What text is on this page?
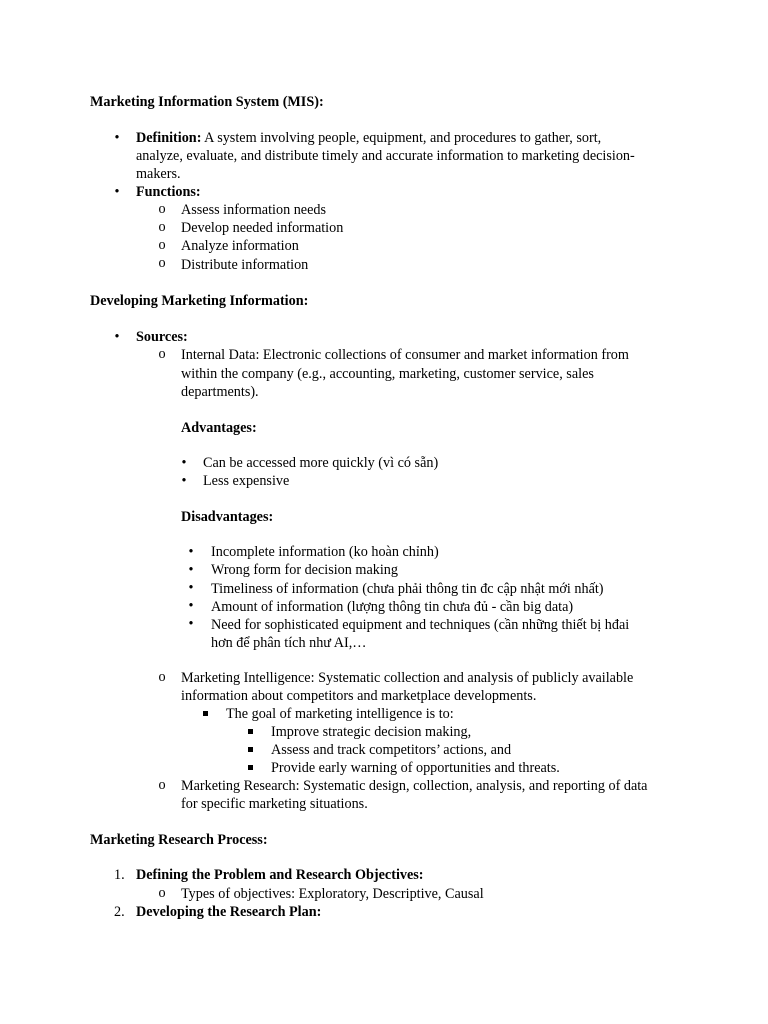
Marketing Information System (MIS):
•	Definition: A system involving people, equipment, and procedures to gather, sort,
analyze, evaluate, and distribute timely and accurate information to marketing decision-
makers.
•	Functions:
o Assess information needs
o Develop needed information
o Analyze information
o Distribute information
Developing Marketing Information:
•	Sources:
o Internal Data: Electronic collections of consumer and market information from
within the company (e.g., accounting, marketing, customer service, sales
departments).
Advantages:
• Can be accessed more quickly (vì có sẵn)
• Less expensive
Disadvantages:
• Incomplete information (ko hoàn chỉnh)
• Wrong form for decision making
• Timeliness of information (chưa phải thông tin đc cập nhật mới nhất)
• Amount of information (lượng thông tin chưa đủ - cần big data)
• Need for sophisticated equipment and techniques (cần những thiết bị hđai
hơn để phân tích như AI,…
o Marketing Intelligence: Systematic collection and analysis of publicly available
information about competitors and marketplace developments.
The goal of marketing intelligence is to:
Improve strategic decision making,
Assess and track competitors’ actions, and
Provide early warning of opportunities and threats.
o Marketing Research: Systematic design, collection, analysis, and reporting of data
for specific marketing situations.
Marketing Research Process:
1. Defining the Problem and Research Objectives:
o Types of objectives: Exploratory, Descriptive, Causal
2. Developing the Research Plan:
